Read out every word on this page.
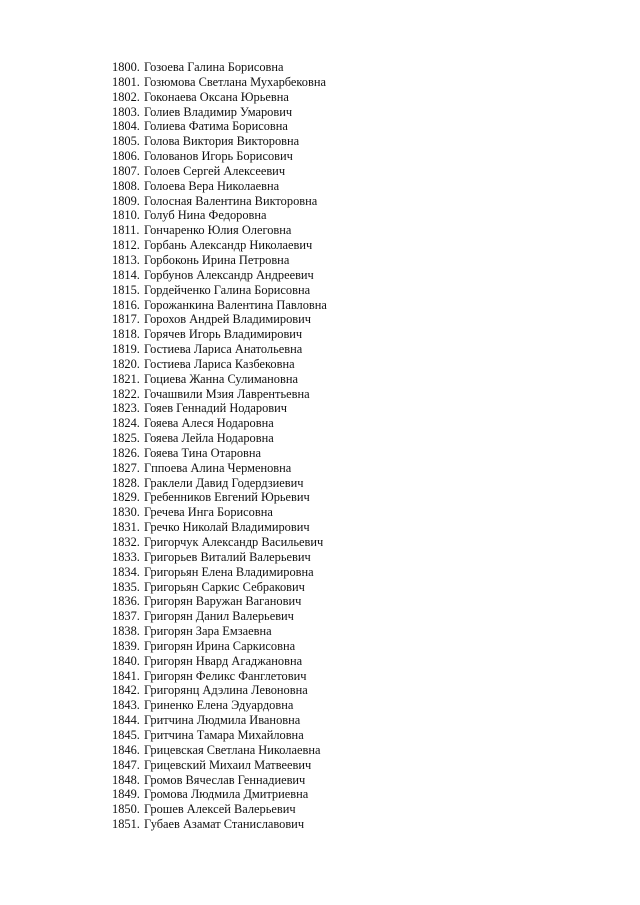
1800. Гозоева Галина Борисовна
1801. Гозюмова Светлана Мухарбековна
1802. Гоконаева Оксана Юрьевна
1803. Голиев Владимир Умарович
1804. Голиева Фатима Борисовна
1805. Голова Виктория Викторовна
1806. Голованов Игорь Борисович
1807. Голоев Сергей Алексеевич
1808. Голоева Вера Николаевна
1809. Голосная Валентина Викторовна
1810. Голуб Нина Федоровна
1811. Гончаренко Юлия Олеговна
1812. Горбань Александр Николаевич
1813. Горбоконь Ирина Петровна
1814. Горбунов Александр Андреевич
1815. Гордейченко Галина Борисовна
1816. Горожанкина Валентина Павловна
1817. Горохов Андрей Владимирович
1818. Горячев Игорь Владимирович
1819. Гостиева Лариса Анатольевна
1820. Гостиева Лариса Казбековна
1821. Гоциева Жанна Сулимановна
1822. Гочашвили Мзия Лаврентьевна
1823. Гояев Геннадий Нодарович
1824. Гояева Алеся Нодаровна
1825. Гояева Лейла Нодаровна
1826. Гояева Тина Отаровна
1827. Гппоева Алина Черменовна
1828. Граклели Давид Годердзиевич
1829. Гребенников Евгений Юрьевич
1830. Гречева Инга Борисовна
1831. Гречко Николай Владимирович
1832. Григорчук Александр Васильевич
1833. Григорьев Виталий Валерьевич
1834. Григорьян Елена Владимировна
1835. Григорьян Саркис Себракович
1836. Григорян Варужан Ваганович
1837. Григорян Данил Валерьевич
1838. Григорян Зара Емзаевна
1839. Григорян Ирина Саркисовна
1840. Григорян Нвард Агаджановна
1841. Григорян Феликс Фанглетович
1842. Григорянц Адэлина Левоновна
1843. Гриненко Елена Эдуардовна
1844. Гритчина Людмила Ивановна
1845. Гритчина Тамара Михайловна
1846. Грицевская Светлана Николаевна
1847. Грицевский Михаил Матвеевич
1848. Громов Вячеслав Геннадиевич
1849. Громова Людмила Дмитриевна
1850. Грошев Алексей Валерьевич
1851. Губаев Азамат Станиславович
